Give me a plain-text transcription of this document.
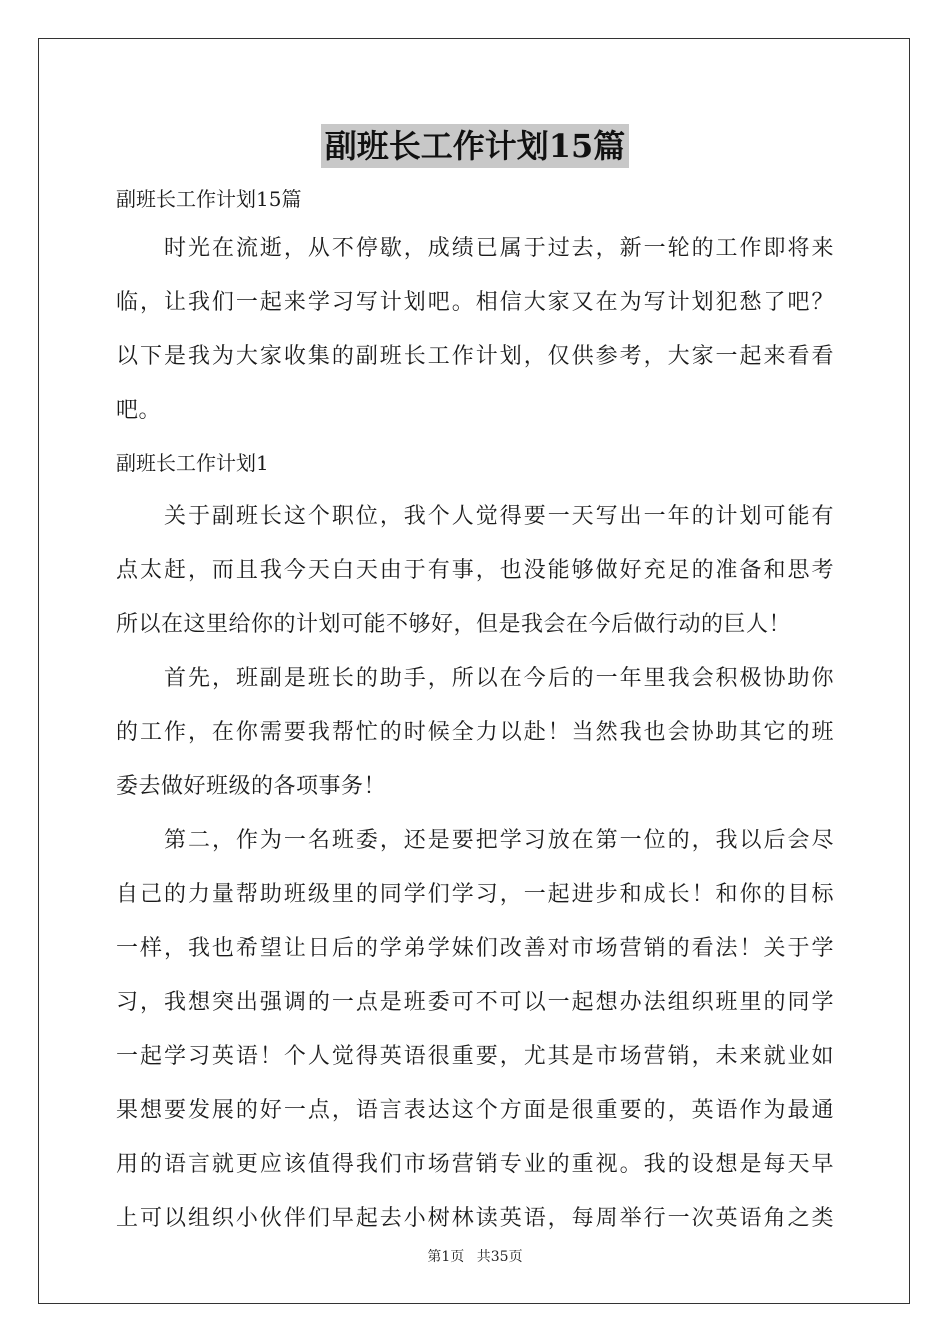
副班长工作计划15篇
副班长工作计划15篇
时光在流逝，从不停歇，成绩已属于过去，新一轮的工作即将来
临，让我们一起来学习写计划吧。相信大家又在为写计划犯愁了吧？
以下是我为大家收集的副班长工作计划，仅供参考，大家一起来看看
吧。
副班长工作计划1
关于副班长这个职位，我个人觉得要一天写出一年的计划可能有
点太赶，而且我今天白天由于有事，也没能够做好充足的准备和思考
所以在这里给你的计划可能不够好，但是我会在今后做行动的巨人！
首先，班副是班长的助手，所以在今后的一年里我会积极协助你
的工作，在你需要我帮忙的时候全力以赴！当然我也会协助其它的班
委去做好班级的各项事务！
第二，作为一名班委，还是要把学习放在第一位的，我以后会尽
自己的力量帮助班级里的同学们学习，一起进步和成长！和你的目标
一样，我也希望让日后的学弟学妹们改善对市场营销的看法！关于学
习，我想突出强调的一点是班委可不可以一起想办法组织班里的同学
一起学习英语！个人觉得英语很重要，尤其是市场营销，未来就业如
果想要发展的好一点，语言表达这个方面是很重要的，英语作为最通
用的语言就更应该值得我们市场营销专业的重视。我的设想是每天早
上可以组织小伙伴们早起去小树林读英语，每周举行一次英语角之类
第1页 共35页
